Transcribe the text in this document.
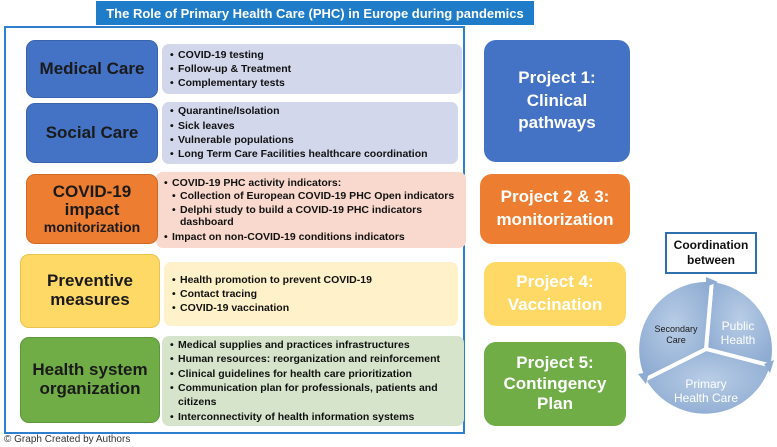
The Role of Primary Health Care (PHC) in Europe during pandemics
• COVID-19 testing
• Follow-up & Treatment
• Complementary tests
Medical Care
• Quarantine/Isolation
• Sick leaves
• Vulnerable populations
• Long Term Care Facilities healthcare coordination
Social Care
• COVID-19 PHC activity indicators:
• Collection of European COVID-19 PHC Open indicators
• Delphi study to build a COVID-19 PHC indicators dashboard
• Impact on non-COVID-19 conditions indicators
COVID-19
impact
monitorization
• Health promotion to prevent COVID-19
• Contact tracing
• COVID-19 vaccination
Preventive
measures
• Medical supplies and practices infrastructures
• Human resources: reorganization and reinforcement
• Clinical guidelines for health care prioritization
• Communication plan for professionals, patients and citizens
• Interconnectivity of health information systems
Health system
organization
Project 1:
Clinical
pathways
Project 2 & 3:
monitorization
Project 4:
Vaccination
Project 5:
Contingency
Plan
Coordination
between
Secondary
Care
Public
Health
Primary
Health Care
© Graph Created by Authors
